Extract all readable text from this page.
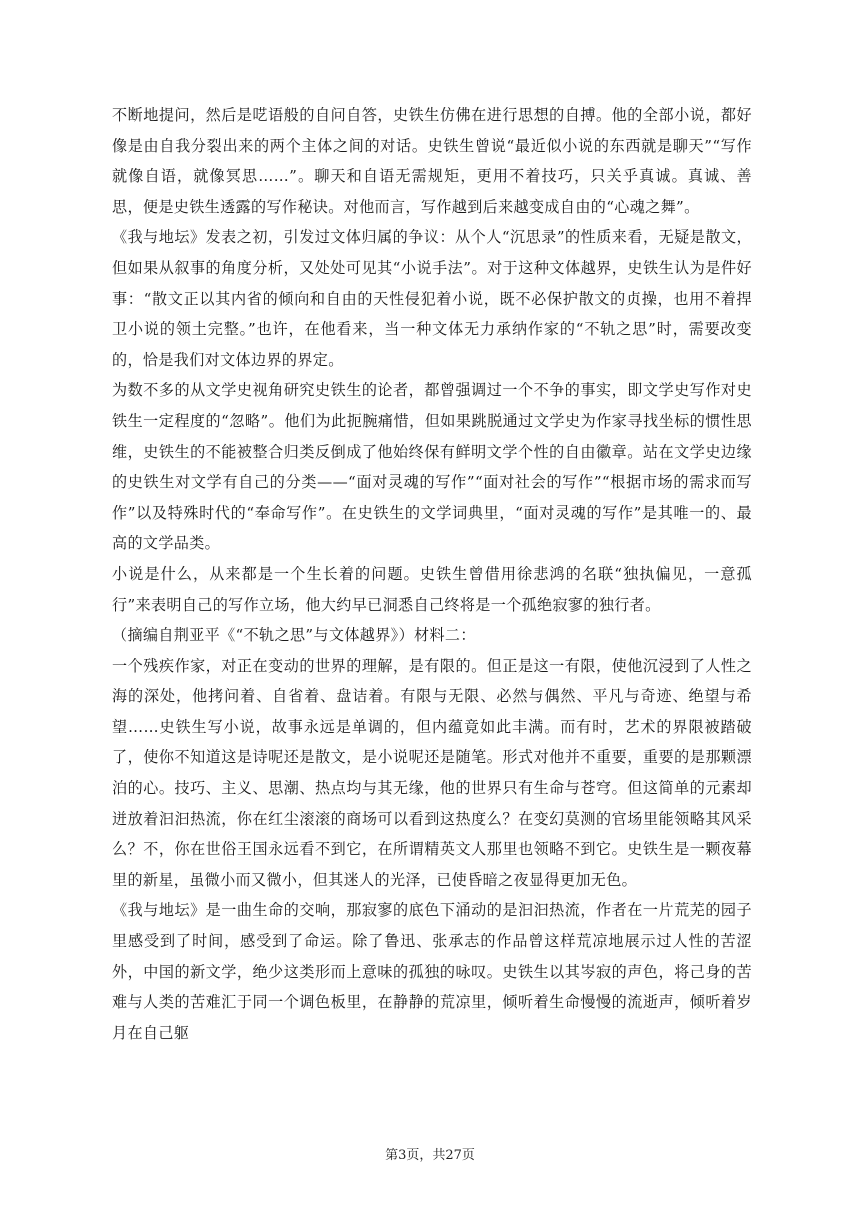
不断地提问，然后是呓语般的自问自答，史铁生仿佛在进行思想的自搏。他的全部小说，都好像是由自我分裂出来的两个主体之间的对话。史铁生曾说“最近似小说的东西就是聊天”“写作就像自语，就像冥思……”。聊天和自语无需规矩，更用不着技巧，只关乎真诚。真诚、善思，便是史铁生透露的写作秘诀。对他而言，写作越到后来越变成自由的“心魂之舞”。

《我与地坛》发表之初，引发过文体归属的争议：从个人“沉思录”的性质来看，无疑是散文，但如果从叙事的角度分析，又处处可见其“小说手法”。对于这种文体越界，史铁生认为是件好事：“散文正以其内省的倾向和自由的天性侵犯着小说，既不必保护散文的贞操，也用不着捍卫小说的领土完整。”也许，在他看来，当一种文体无力承纳作家的“不轨之思”时，需要改变的，恰是我们对文体边界的界定。

为数不多的从文学史视角研究史铁生的论者，都曾强调过一个不争的事实，即文学史写作对史铁生一定程度的“忽略”。他们为此扼腕痛惜，但如果跳脱通过文学史为作家寻找坐标的惯性思维，史铁生的不能被整合归类反倒成了他始终保有鲜明文学个性的自由徽章。站在文学史边缘的史铁生对文学有自己的分类——“面对灵魂的写作”“面对社会的写作”“根据市场的需求而写作”以及特殊时代的“奉命写作”。在史铁生的文学词典里，“面对灵魂的写作”是其唯一的、最高的文学品类。

小说是什么，从来都是一个生长着的问题。史铁生曾借用徐悲鸿的名联“独执偏见，一意孤行”来表明自己的写作立场，他大约早已洞悉自己终将是一个孤绝寂寥的独行者。

（摘编自荆亚平《“不轨之思”与文体越界》）材料二：

一个残疾作家，对正在变动的世界的理解，是有限的。但正是这一有限，使他沉浸到了人性之海的深处，他拷问着、自省着、盘诘着。有限与无限、必然与偶然、平凡与奇迹、绝望与希望……史铁生写小说，故事永远是单调的，但内蕴竟如此丰满。而有时，艺术的界限被踏破了，使你不知道这是诗呢还是散文，是小说呢还是随笔。形式对他并不重要，重要的是那颗漂泊的心。技巧、主义、思潮、热点均与其无缘，他的世界只有生命与苍穹。但这简单的元素却迸放着汩汩热流，你在红尘滚滚的商场可以看到这热度么？在变幻莫测的官场里能领略其风采么？不，你在世俗王国永远看不到它，在所谓精英文人那里也领略不到它。史铁生是一颗夜幕里的新星，虽微小而又微小，但其迷人的光泽，已使昏暗之夜显得更加无色。

《我与地坛》是一曲生命的交响，那寂寥的底色下涌动的是汩汩热流，作者在一片荒芜的园子里感受到了时间，感受到了命运。除了鲁迅、张承志的作品曾这样荒凉地展示过人性的苦涩外，中国的新文学，绝少这类形而上意味的孤独的咏叹。史铁生以其岑寂的声色，将己身的苦难与人类的苦难汇于同一个调色板里，在静静的荒凉里，倾听着生命慢慢的流逝声，倾听着岁月在自己躯

第3页，共27页
